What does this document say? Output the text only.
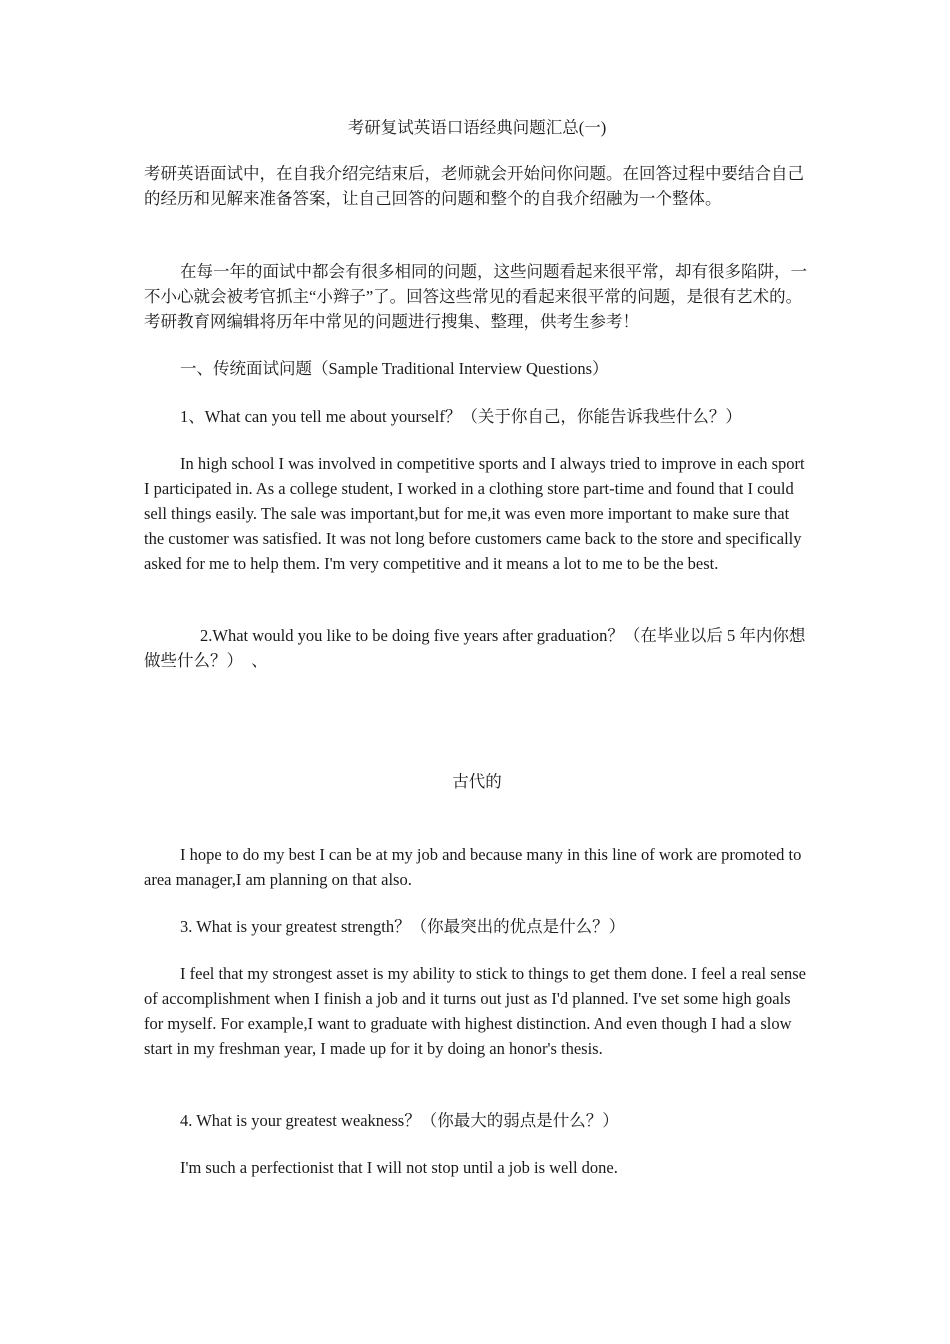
考研复试英语口语经典问题汇总(一)

考研英语面试中，在自我介绍完结束后，老师就会开始问你问题。在回答过程中要结合自己的经历和见解来准备答案，让自己回答的问题和整个的自我介绍融为一个整体。

在每一年的面试中都会有很多相同的问题，这些问题看起来很平常，却有很多陷阱，一不小心就会被考官抓主“小辫子”了。回答这些常见的看起来很平常的问题，是很有艺术的。考研教育网编辑将历年中常见的问题进行搜集、整理，供考生参考！

一、传统面试问题（Sample Traditional Interview Questions）

1、What can you tell me about yourself？（关于你自己，你能告诉我些什么？）

In high school I was involved in competitive sports and I always tried to improve in each sport I participated in. As a college student, I worked in a clothing store part-time and found that I could sell things easily. The sale was important,but for me,it was even more important to make sure that the customer was satisfied. It was not long before customers came back to the store and specifically asked for me to help them. I'm very competitive and it means a lot to me to be the best.

2.What would you like to be doing five years after graduation？（在毕业以后 5 年内你想做些什么？）　、

古代的

I hope to do my best I can be at my job and because many in this line of work are promoted to area manager,I am planning on that also.

3. What is your greatest strength？（你最突出的优点是什么？）

I feel that my strongest asset is my ability to stick to things to get them done. I feel a real sense of accomplishment when I finish a job and it turns out just as I'd planned. I've set some high goals for myself. For example,I want to graduate with highest distinction. And even though I had a slow start in my freshman year, I made up for it by doing an honor's thesis.

4. What is your greatest weakness？（你最大的弱点是什么？）

I'm such a perfectionist that I will not stop until a job is well done.
